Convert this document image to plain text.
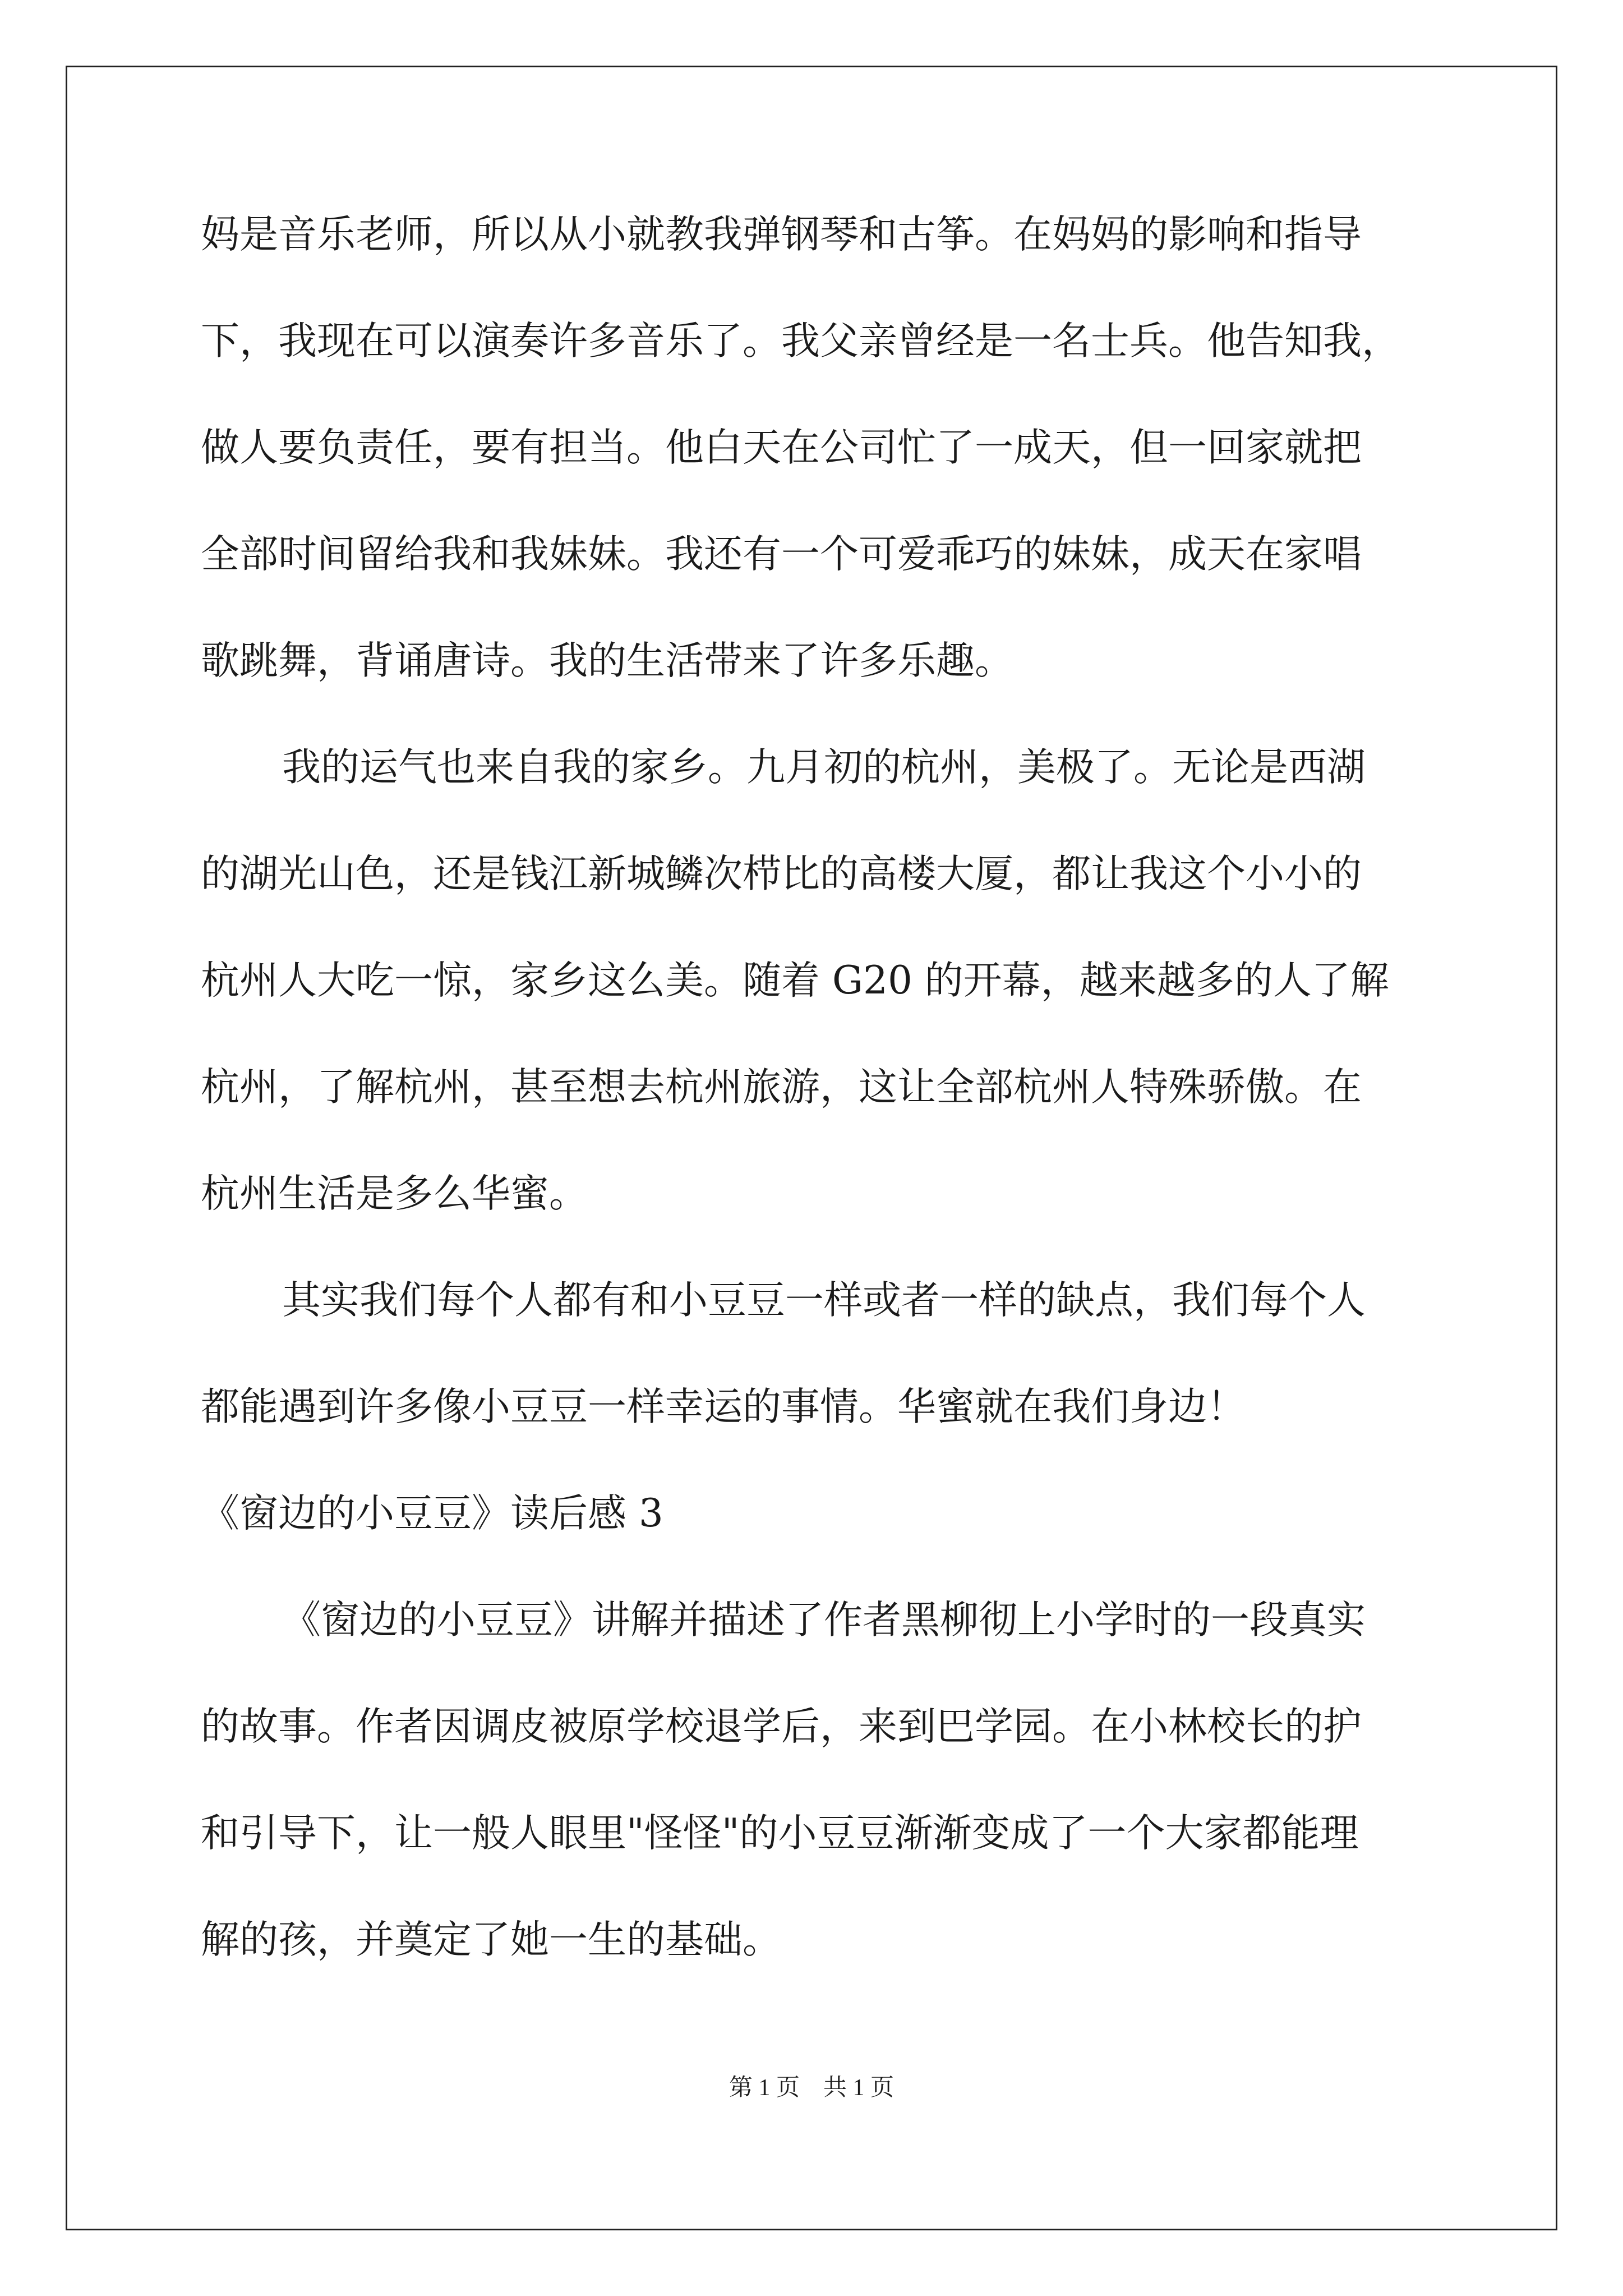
妈是音乐老师，所以从小就教我弹钢琴和古筝。在妈妈的影响和指导
下，我现在可以演奏许多音乐了。我父亲曾经是一名士兵。他告知我，
做人要负责任，要有担当。他白天在公司忙了一成天，但一回家就把
全部时间留给我和我妹妹。我还有一个可爱乖巧的妹妹，成天在家唱
歌跳舞，背诵唐诗。我的生活带来了许多乐趣。
我的运气也来自我的家乡。九月初的杭州，美极了。无论是西湖
的湖光山色，还是钱江新城鳞次栉比的高楼大厦，都让我这个小小的
杭州人大吃一惊，家乡这么美。随着 G20 的开幕，越来越多的人了解
杭州，了解杭州，甚至想去杭州旅游，这让全部杭州人特殊骄傲。在
杭州生活是多么华蜜。
其实我们每个人都有和小豆豆一样或者一样的缺点，我们每个人
都能遇到许多像小豆豆一样幸运的事情。华蜜就在我们身边！
《窗边的小豆豆》读后感 3
《窗边的小豆豆》讲解并描述了作者黑柳彻上小学时的一段真实
的故事。作者因调皮被原学校退学后，来到巴学园。在小林校长的护
和引导下，让一般人眼里"怪怪"的小豆豆渐渐变成了一个大家都能理
解的孩，并奠定了她一生的基础。
第 1 页　共 1 页
